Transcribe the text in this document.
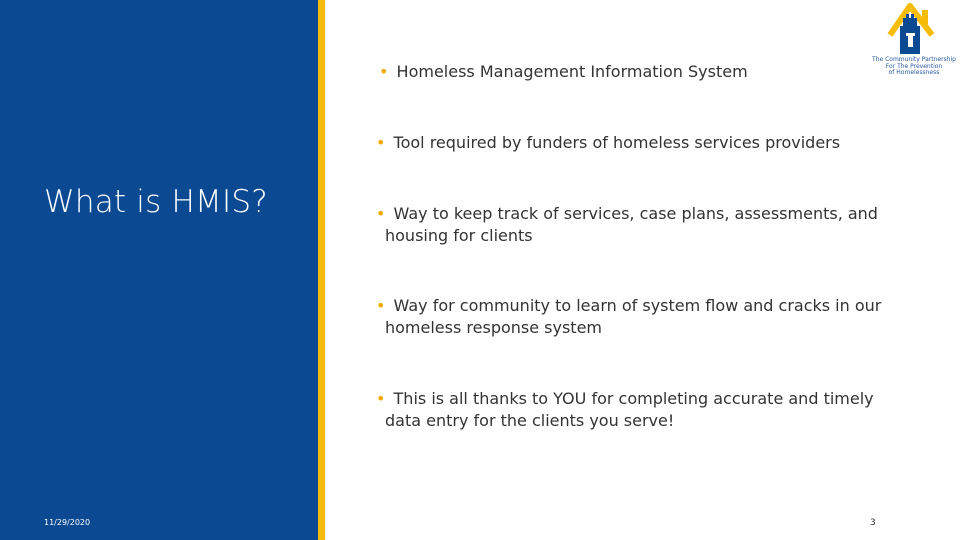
What is HMIS?
11/29/2020
• Homeless Management Information System
• Tool required by funders of homeless services providers
• Way to keep track of services, case plans, assessments, and housing for clients
• Way for community to learn of system flow and cracks in our homeless response system
• This is all thanks to YOU for completing accurate and timely data entry for the clients you serve!
3
The Community Partnership
For The Prevention
of Homelessness
